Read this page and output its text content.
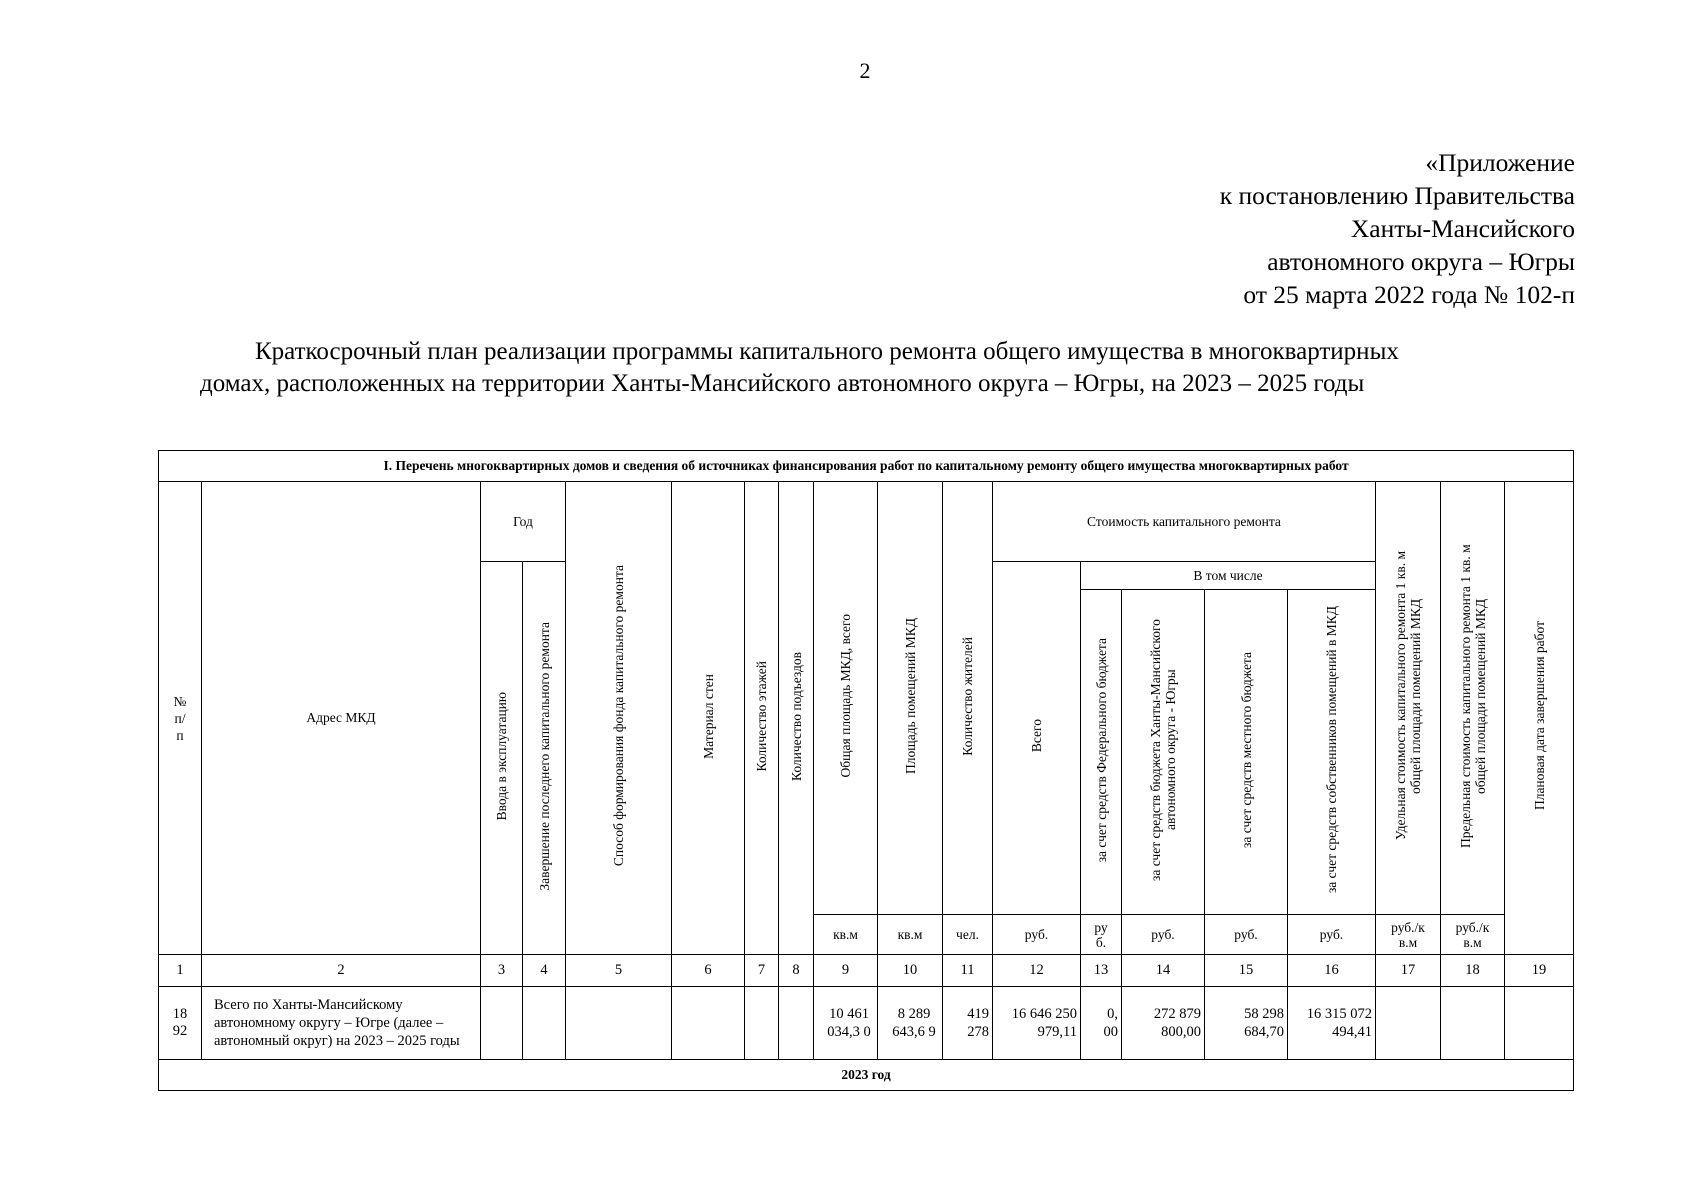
2
«Приложение
к постановлению Правительства
Ханты-Мансийского
автономного округа – Югры
от 25 марта 2022 года № 102-п
Краткосрочный план реализации программы капитального ремонта общего имущества в многоквартирных
домах, расположенных на территории Ханты-Мансийского автономного округа – Югры, на 2023 – 2025 годы
I. Перечень многоквартирных домов и сведения об источниках финансирования работ по капитальному ремонту общего имущества многоквартирных работ																		
№ п/ п	Адрес МКД	Год		Способ формирования фонда капитального ремонта	Материал стен	Количество этажей	Количество подъездов	Общая площадь МКД, всего	Площадь помещений МКД	Количество жителей	Стоимость капитального ремонта					Удельная стоимость капитального ремонта 1 кв. м общей площади помещений МКД	Предельная стоимость капитального ремонта 1 кв. м общей площади помещений МКД	Плановая дата завершения работ
		Ввода в эксплуатацию	Завершение последнего капитального ремонта								Всего	В том числе						
												за счет средств Федерального бюджета	за счет средств бюджета Ханты-Мансийского автономного округа - Югры	за счет средств местного бюджета	за счет средств собственников помещений в МКД			
								кв.м	кв.м	чел.	руб.	ру б.	руб.	руб.	руб.	руб./к в.м	руб./к в.м	
1	2	3	4	5	6	7	8	9	10	11	12	13	14	15	16	17	18	19
18 92	Всего по Ханты-Мансийскому автономному округу – Югре (далее – автономный округ) на 2023 – 2025 годы							10 461 034,3 0	8 289 643,6 9	419 278	16 646 250 979,11	0, 00	272 879 800,00	58 298 684,70	16 315 072 494,41			
2023 год																		
